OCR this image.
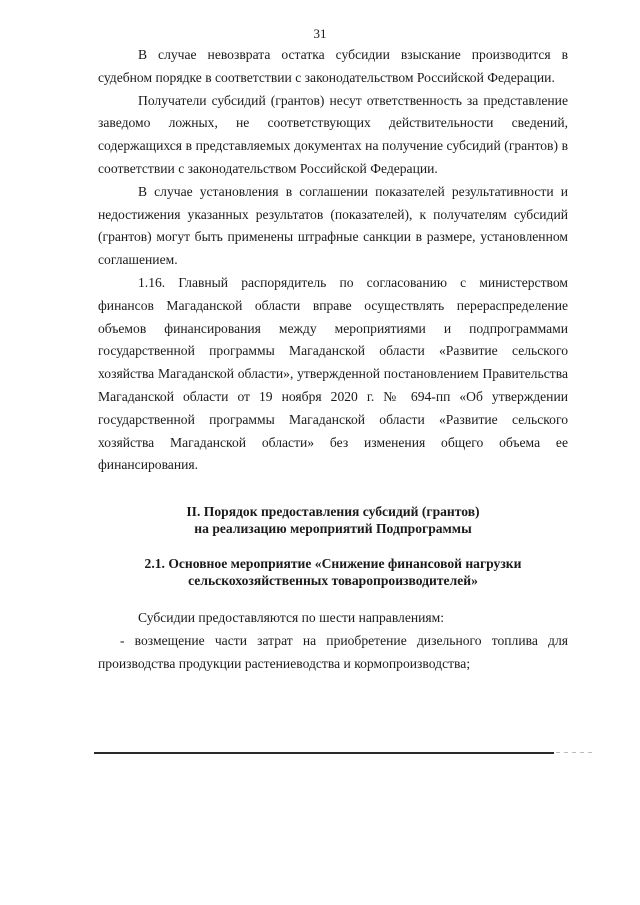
31

В случае невозврата остатка субсидии взыскание производится в судебном порядке в соответствии с законодательством Российской Федерации.

Получатели субсидий (грантов) несут ответственность за представление заведомо ложных, не соответствующих действительности сведений, содержащихся в представляемых документах на получение субсидий (грантов) в соответствии с законодательством Российской Федерации.

В случае установления в соглашении показателей результативности и недостижения указанных результатов (показателей), к получателям субсидий (грантов) могут быть применены штрафные санкции в размере, установленном соглашением.

1.16. Главный распорядитель по согласованию с министерством финансов Магаданской области вправе осуществлять перераспределение объемов финансирования между мероприятиями и подпрограммами государственной программы Магаданской области «Развитие сельского хозяйства Магаданской области», утвержденной постановлением Правительства Магаданской области от 19 ноября 2020 г. № 694-пп «Об утверждении государственной программы Магаданской области «Развитие сельского хозяйства Магаданской области» без изменения общего объема ее финансирования.

II. Порядок предоставления субсидий (грантов)
на реализацию мероприятий Подпрограммы
2.1. Основное мероприятие «Снижение финансовой нагрузки
сельскохозяйственных товаропроизводителей»

Субсидии предоставляются по шести направлениям:

- возмещение части затрат на приобретение дизельного топлива для производства продукции растениеводства и кормопроизводства;
